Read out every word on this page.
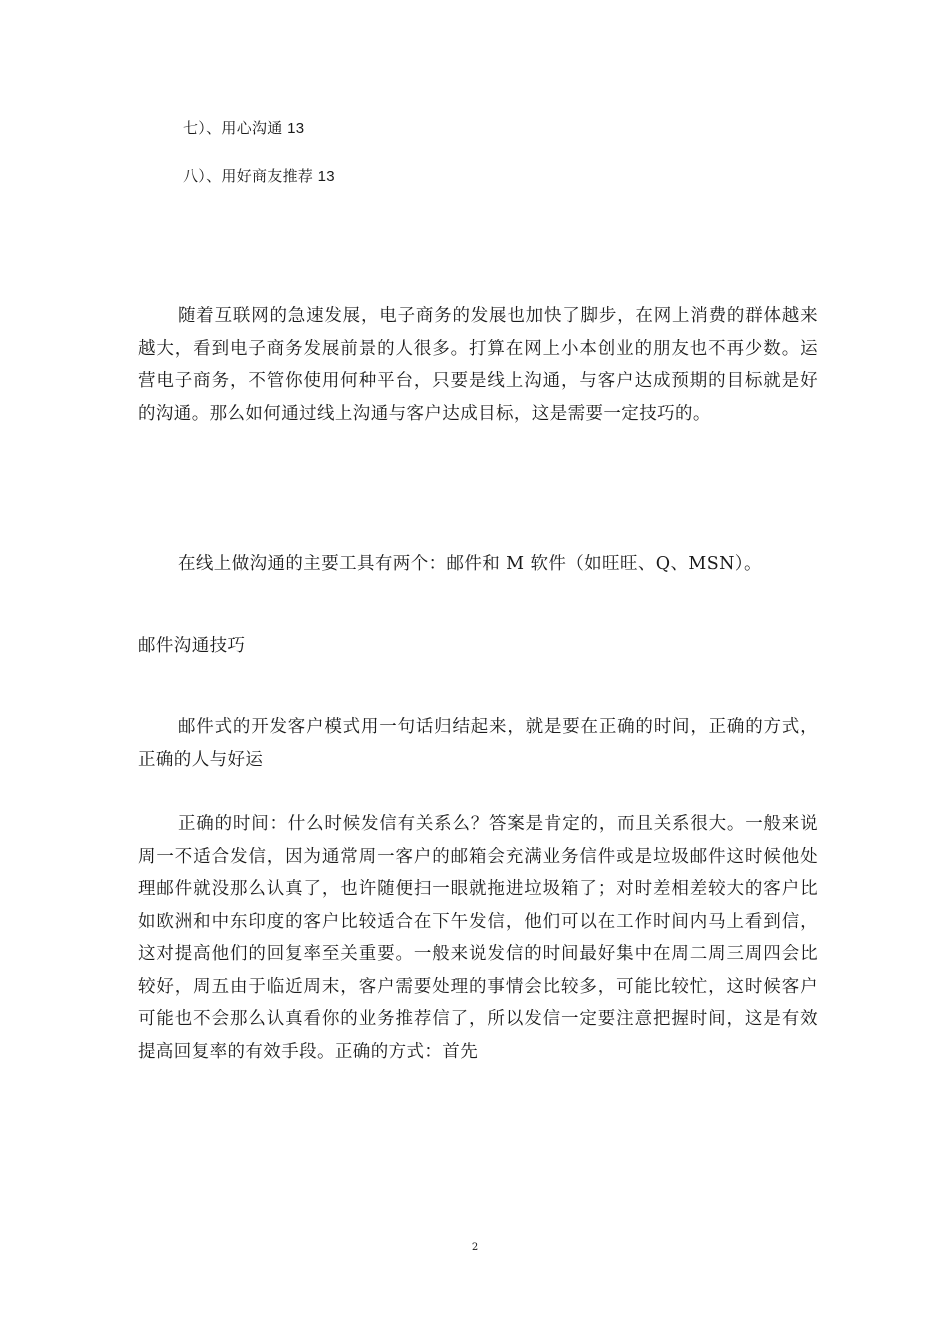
七）、用心沟通 13
八）、用好商友推荐 13

随着互联网的急速发展，电子商务的发展也加快了脚步，在网上消费的群体越来越大，看到电子商务发展前景的人很多。打算在网上小本创业的朋友也不再少数。运营电子商务，不管你使用何种平台，只要是线上沟通，与客户达成预期的目标就是好的沟通。那么如何通过线上沟通与客户达成目标，这是需要一定技巧的。

在线上做沟通的主要工具有两个：邮件和 M 软件（如旺旺、Q、MSN）。

邮件沟通技巧

邮件式的开发客户模式用一句话归结起来，就是要在正确的时间，正确的方式，正确的人与好运

正确的时间：什么时候发信有关系么？答案是肯定的，而且关系很大。一般来说周一不适合发信，因为通常周一客户的邮箱会充满业务信件或是垃圾邮件这时候他处理邮件就没那么认真了，也许随便扫一眼就拖进垃圾箱了；对时差相差较大的客户比如欧洲和中东印度的客户比较适合在下午发信，他们可以在工作时间内马上看到信，这对提高他们的回复率至关重要。一般来说发信的时间最好集中在周二周三周四会比较好，周五由于临近周末，客户需要处理的事情会比较多，可能比较忙，这时候客户可能也不会那么认真看你的业务推荐信了，所以发信一定要注意把握时间，这是有效提高回复率的有效手段。正确的方式：首先

2
